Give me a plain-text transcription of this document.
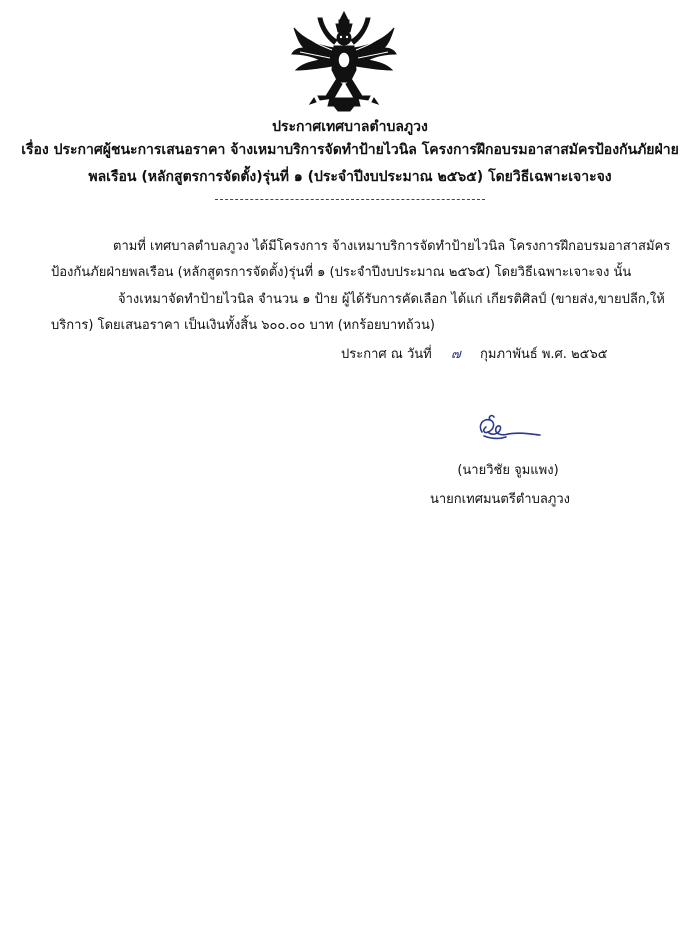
ประกาศเทศบาลตำบลภูวง
เรื่อง ประกาศผู้ชนะการเสนอราคา จ้างเหมาบริการจัดทำป้ายไวนิล โครงการฝึกอบรมอาสาสมัครป้องกันภัยฝ่าย
พลเรือน (หลักสูตรการจัดตั้ง)รุ่นที่ ๑ (ประจำปีงบประมาณ ๒๕๖๕) โดยวิธีเฉพาะเจาะจง
ตามที่ เทศบาลตำบลภูวง ได้มีโครงการ จ้างเหมาบริการจัดทำป้ายไวนิล โครงการฝึกอบรมอาสาสมัคร
ป้องกันภัยฝ่ายพลเรือน (หลักสูตรการจัดตั้ง)รุ่นที่ ๑ (ประจำปีงบประมาณ ๒๕๖๕) โดยวิธีเฉพาะเจาะจง นั้น
จ้างเหมาจัดทำป้ายไวนิล จำนวน ๑ ป้าย ผู้ได้รับการคัดเลือก ได้แก่ เกียรติศิลป์ (ขายส่ง,ขายปลีก,ให้
บริการ) โดยเสนอราคา เป็นเงินทั้งสิ้น ๖๐๐.๐๐ บาท (หกร้อยบาทถ้วน)
ประกาศ ณ วันที่ ๗ กุมภาพันธ์ พ.ศ. ๒๕๖๕
(นายวิชัย จูมแพง)
นายกเทศมนตรีตำบลภูวง
